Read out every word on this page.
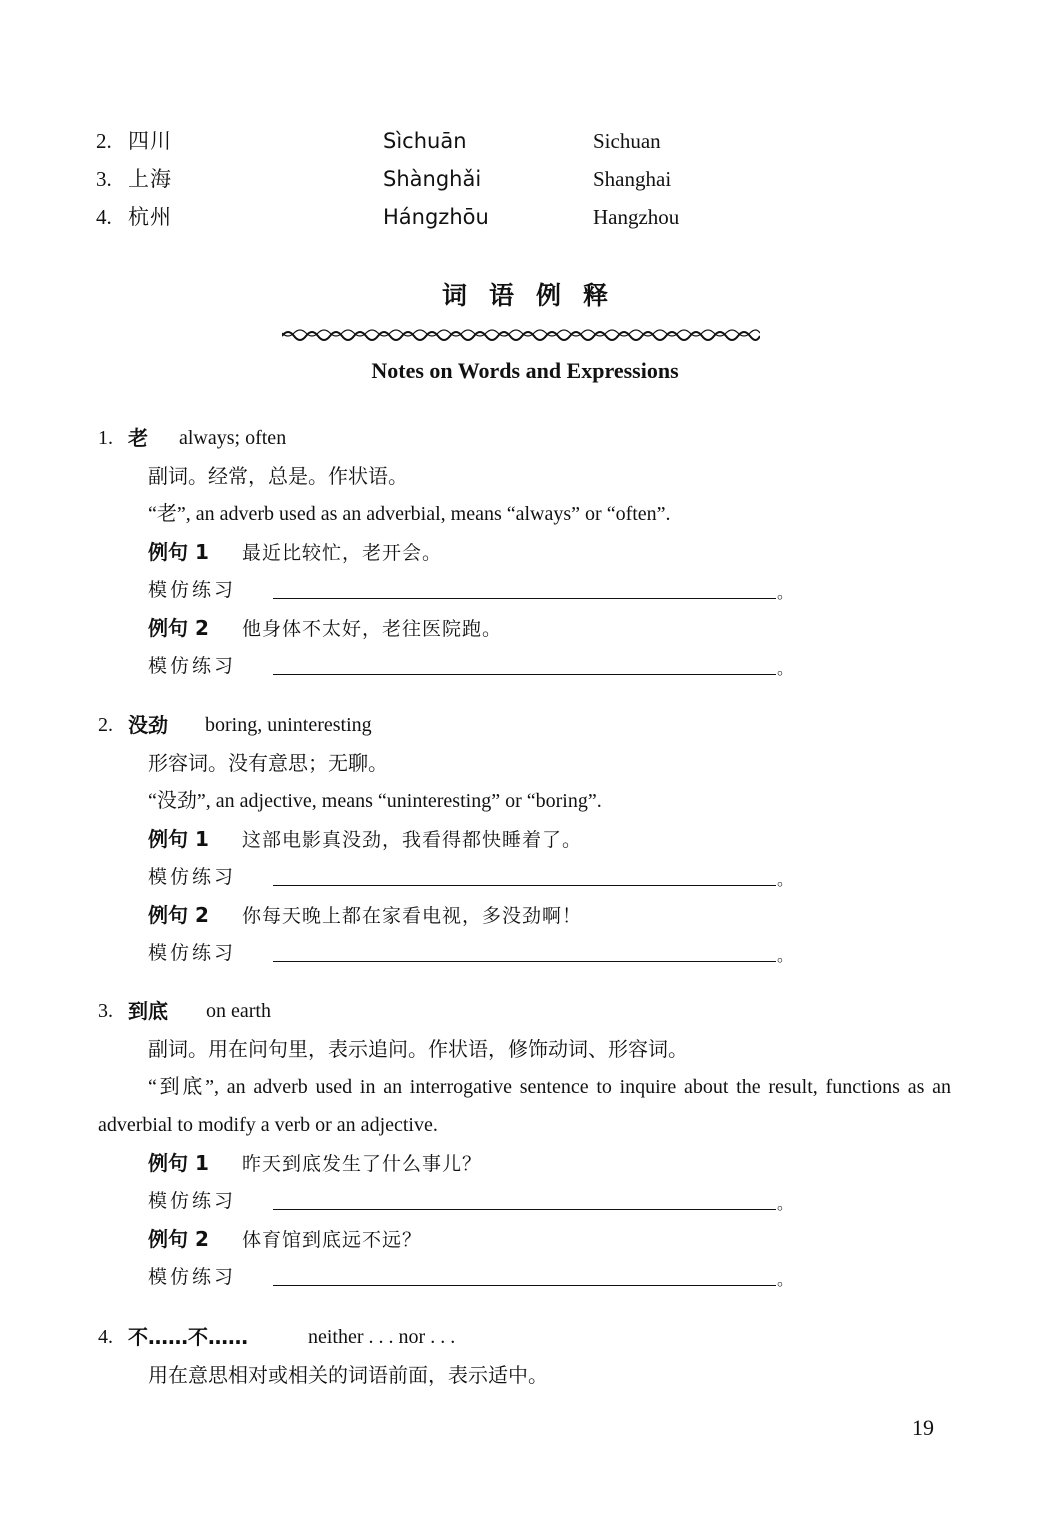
2. 四川	Sìchuān	Sichuan
3. 上海	Shànghǎi	Shanghai
4. 杭州	Hángzhōu	Hangzhou
词语例释
Notes on Words and Expressions
1. 老 always; often
副词。经常，总是。作状语。
“老”, an adverb used as an adverbial, means “always” or “often”.
例句 1 最近比较忙，老开会。
模仿练习	。
例句 2 他身体不太好，老往医院跑。
模仿练习	。
2. 没劲 boring, uninteresting
形容词。没有意思；无聊。
“没劲”, an adjective, means “uninteresting” or “boring”.
例句 1 这部电影真没劲，我看得都快睡着了。
模仿练习	。
例句 2 你每天晚上都在家看电视，多没劲啊！
模仿练习	。
3. 到底 on earth
副词。用在问句里，表示追问。作状语，修饰动词、形容词。
“到底”, an adverb used in an interrogative sentence to inquire about the result, functions as an adverbial to modify a verb or an adjective.
例句 1 昨天到底发生了什么事儿？
模仿练习	。
例句 2 体育馆到底远不远？
模仿练习	。
4. 不……不……	neither . . . nor . . .
用在意思相对或相关的词语前面，表示适中。
19
